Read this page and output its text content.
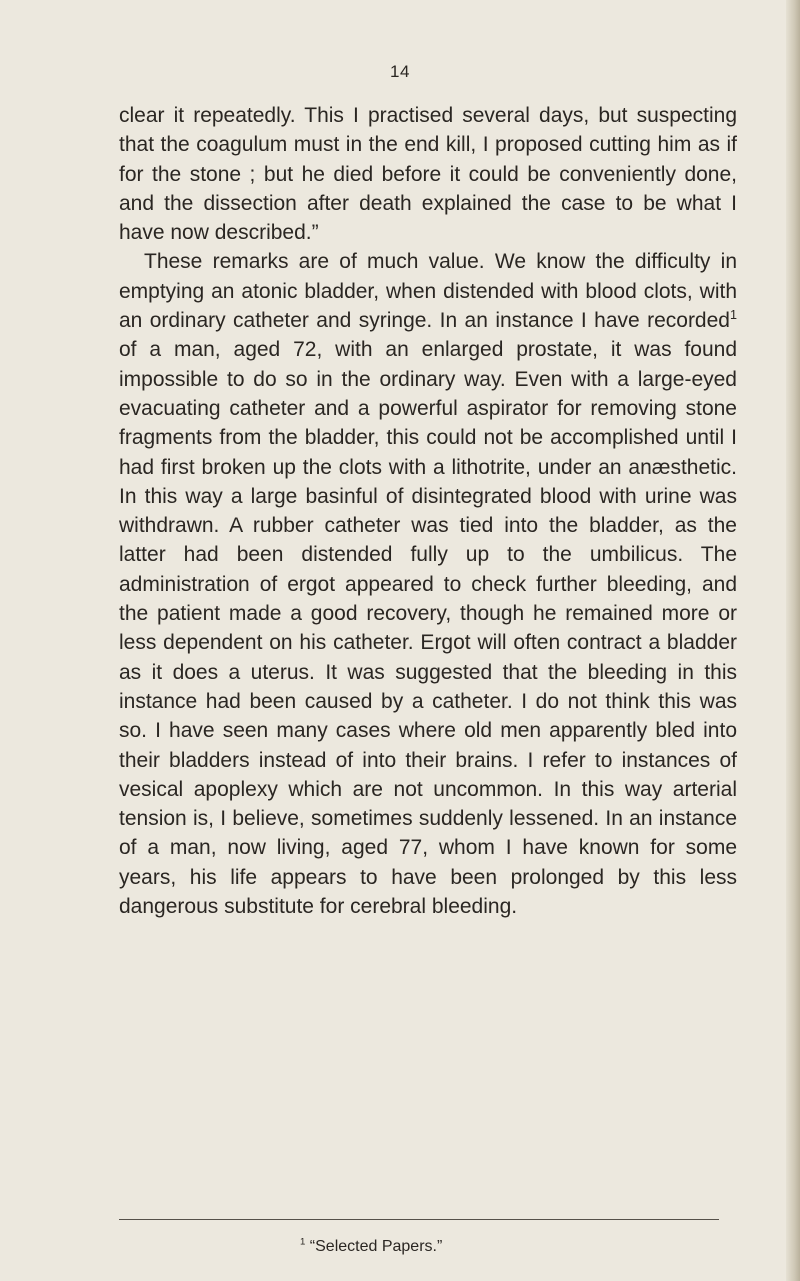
14

clear it repeatedly. This I practised several days, but suspecting that the coagulum must in the end kill, I proposed cutting him as if for the stone ; but he died before it could be conveniently done, and the dissection after death explained the case to be what I have now described.”

These remarks are of much value. We know the difficulty in emptying an atonic bladder, when distended with blood clots, with an ordinary catheter and syringe. In an instance I have recorded$^1$ of a man, aged 72, with an enlarged prostate, it was found impossible to do so in the ordinary way. Even with a large-eyed evacuating catheter and a powerful aspirator for removing stone fragments from the bladder, this could not be accomplished until I had first broken up the clots with a lithotrite, under an anæsthetic. In this way a large basinful of disintegrated blood with urine was withdrawn. A rubber catheter was tied into the bladder, as the latter had been distended fully up to the umbilicus. The administration of ergot appeared to check further bleeding, and the patient made a good recovery, though he remained more or less dependent on his catheter. Ergot will often contract a bladder as it does a uterus. It was suggested that the bleeding in this instance had been caused by a catheter. I do not think this was so. I have seen many cases where old men apparently bled into their bladders instead of into their brains. I refer to instances of vesical apoplexy which are not uncommon. In this way arterial tension is, I believe, sometimes suddenly lessened. In an instance of a man, now living, aged 77, whom I have known for some years, his life appears to have been prolonged by this less dangerous substitute for cerebral bleeding.

$^1$ “Selected Papers.”
